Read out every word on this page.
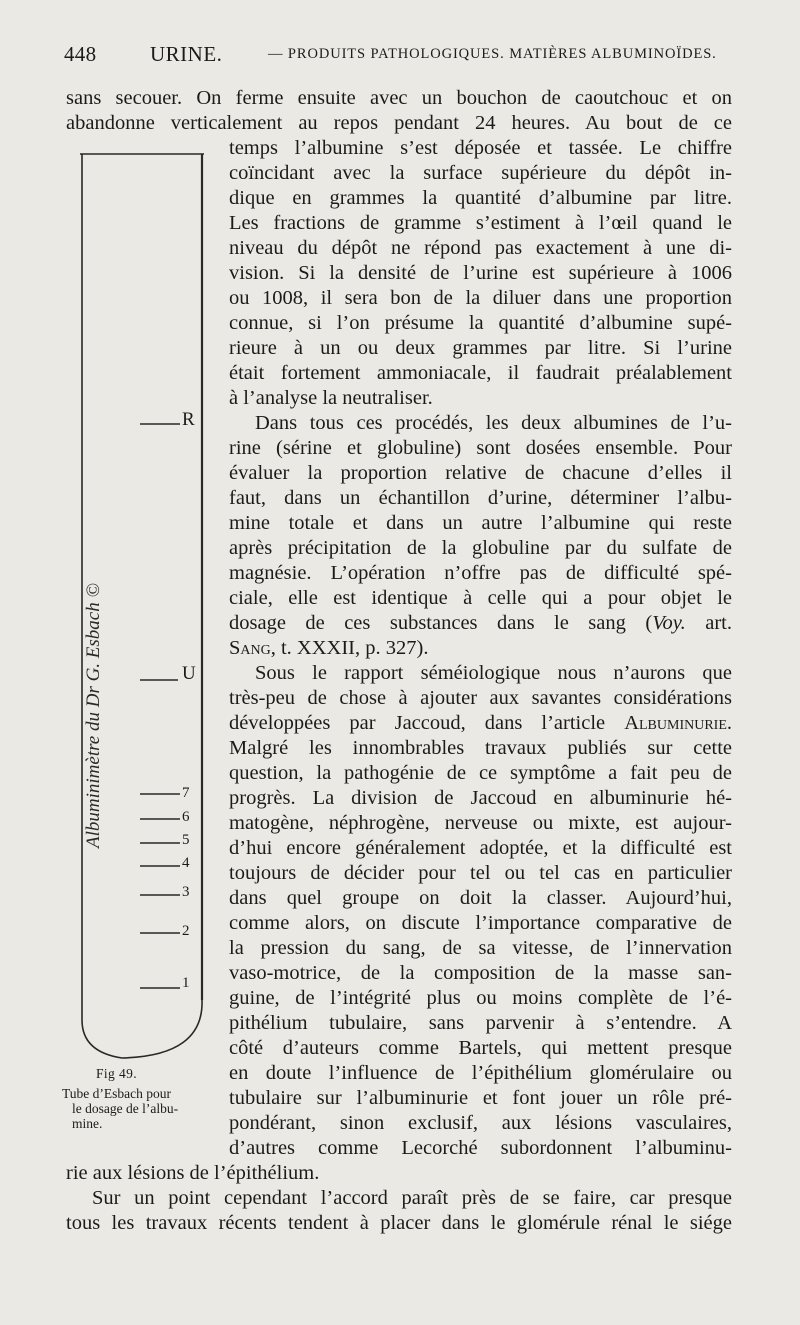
448	URINE.	— PRODUITS PATHOLOGIQUES. MATIÈRES ALBUMINOÏDES.
sans secouer. On ferme ensuite avec un bouchon de caoutchouc et on
abandonne verticalement au repos pendant 24 heures. Au bout de ce
temps l’albumine s’est déposée et tassée. Le chiffre
coïncidant avec la surface supérieure du dépôt in-
dique en grammes la quantité d’albumine par litre.
Les fractions de gramme s’estiment à l’œil quand le
niveau du dépôt ne répond pas exactement à une di-
vision. Si la densité de l’urine est supérieure à 1006
ou 1008, il sera bon de la diluer dans une proportion
connue, si l’on présume la quantité d’albumine supé-
rieure à un ou deux grammes par litre. Si l’urine
était fortement ammoniacale, il faudrait préalablement
à l’analyse la neutraliser.
Dans tous ces procédés, les deux albumines de l’u-
rine (sérine et globuline) sont dosées ensemble. Pour
évaluer la proportion relative de chacune d’elles il
faut, dans un échantillon d’urine, déterminer l’albu-
mine totale et dans un autre l’albumine qui reste
après précipitation de la globuline par du sulfate de
magnésie. L’opération n’offre pas de difficulté spé-
ciale, elle est identique à celle qui a pour objet le
dosage de ces substances dans le sang (Voy. art.
Sang, t. XXXII, p. 327).
Sous le rapport séméiologique nous n’aurons que
très-peu de chose à ajouter aux savantes considérations
développées par Jaccoud, dans l’article Albuminurie.
Malgré les innombrables travaux publiés sur cette
question, la pathogénie de ce symptôme a fait peu de
progrès. La division de Jaccoud en albuminurie hé-
matogène, néphrogène, nerveuse ou mixte, est aujour-
d’hui encore généralement adoptée, et la difficulté est
toujours de décider pour tel ou tel cas en particulier
dans quel groupe on doit la classer. Aujourd’hui,
comme alors, on discute l’importance comparative de
la pression du sang, de sa vitesse, de l’innervation
vaso-motrice, de la composition de la masse san-
guine, de l’intégrité plus ou moins complète de l’é-
pithélium tubulaire, sans parvenir à s’entendre. A
côté d’auteurs comme Bartels, qui mettent presque
en doute l’influence de l’épithélium glomérulaire ou
tubulaire sur l’albuminurie et font jouer un rôle pré-
pondérant, sinon exclusif, aux lésions vasculaires,
d’autres comme Lecorché subordonnent l’albuminu-
rie aux lésions de l’épithélium.
Sur un point cependant l’accord paraît près de se faire, car presque
tous les travaux récents tendent à placer dans le glomérule rénal le siége
R
U
7
6
5
4
3
2
1
Albuminimètre du Dr G. Esbach ©
Fig 49.
Tube d’Esbach pour
le dosage de l’albu-
mine.
